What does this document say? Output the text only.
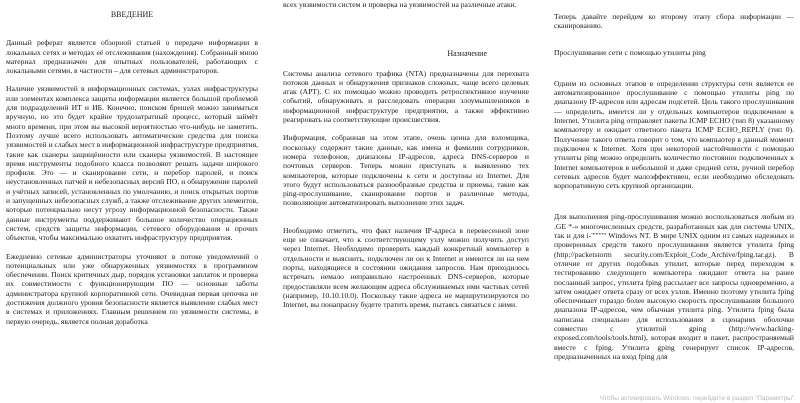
ВВЕДЕНИЕ

Данный реферат является обзорной статьей о передаче информации в локальных сетях и методах её отслеживания (нахождения). Собранный мною материал предназначен для опытных пользователей, работающих с локальными сетями, в частности – для сетевых администраторов.

Наличие уязвимостей в информационных системах, узлах инфраструктуры или элементах комплекса защиты информации является большой проблемой для подразделений ИТ и ИБ. Конечно, поиском брешей можно заниматься вручную, но это будет крайне трудозатратный процесс, который займёт много времени, при этом вы высокой вероятностью что-нибудь не заметить. Поэтому лучше всего использовать автоматические средства для поиска уязвимостей и слабых мест в информационной инфраструктуре предприятия, такие как сканеры защищённости или сканеры уязвимостей. В настоящее время инструменты подобного класса позволяют решать задачи широкого профиля. Это — и сканирование сети, и перебор паролей, и поиск неустановленных патчей и небезопасных версий ПО, и обнаружение паролей и учётных записей, установленных по умолчанию, и поиск открытых портов и запущенных небезопасных служб, а также отслеживание других элементов, которые потенциально несут угрозу информационной безопасности. Также данные инструменты поддерживают большое количество операционных систем, средств защиты информации, сетевого оборудования и прочих объектов, чтобы максимально охватить инфраструктуру предприятия.

Ежедневно сетевые администраторы уточняют в потоке уведомлений о потенциальных или уже обнаруженных уязвимостях в программном обеспечении. Поиск критичных дыр, порядок установки заплаток и проверка их совместимости с функционирующим ПО — основные заботы администратора крупной корпоративной сети. Очевидная первая цепочка не достижения должного уровня безопасности является выявление слабых мест в системах и приложениях. Главным решением по уязвимости системы, в первую очередь, является полная доработка

всех уязвимости систем и проверка на уязвимостей на различные атаки.

Назначение

Системы анализа сетевого трафика (NTA) предназначены для перехвата потоков данных и обнаружения признаков сложных, чаще всего целевых атак (APT). С их помощью можно проводить ретроспективное изучение событий, обнаруживать и расследовать операции злоумышленников в информационной инфраструктуре предприятия, а также эффективно реагировать на соответствующие происшествия.

Информация, собранная на этом этапе, очень ценна для взломщика, поскольку содержит такие данные, как имена и фамилии сотрудников, номера телефонов, диапазоны IP-адресов, адреса DNS-серверов и почтовых серверов. Теперь можно приступать к выявлению тех компьютеров, которые подключены к сети и доступны из Internet. Для этого будут использоваться разнообразные средства и приемы, такие как ping-прослушивание, сканирование портов и различные методы, позволяющие автоматизировать выполнение этих задач.

Необходимо отметить, что факт наличия IP-адреса в перевесенной зоне еще не означает, что к соответствующему узлу можно получить доступ через Internet. Необходимо проверить каждый конкретный компьютер в отдельности и выяснить, подключен ли он к Internet и имеются ли на нем порты, находящиеся в состоянии ожидания запросов. Нам приходилось встречать немало неправильно настроенных DNS-серверов, которые предоставляли всем желающим адреса обслуживаемых ими частных сетей (например, 10.10.10.0). Поскольку такие адреса не маршрутизируются по Internet, вы понапрасну будете тратить время, пытаясь связаться с ними.

Теперь давайте перейдем ко второму этапу сбора информации — сканированию.

Прослушивание сети с помощью утилиты ping

Одним из основных этапов в определении структуры сети является ее автоматизированное прослушивание с помощью утилиты ping по диапазону IP-адресов или адресам подсетей. Цель такого прослушивания — определить, имеется ли у отдельных компьютеров подключение к Internet. Утилита ping отправляет пакеты ICMP ECHO (тип 8) указанному компьютеру и ожидает ответного пакета ICMP ECHO_REPLY (тип 0). Получение такого ответа говорит о том, что компьютер в данный момент подключен к Internet. Хотя при некоторой настойчивости с помощью утилиты ping можно определить количество постоянно подключенных к Internet компьютеров в небольшой и даже средней сети, ручной перебор сетевых адресов будет малоэффективен, если необходимо обследовать корпоративную сеть крупной организации.

Для выполнения ping-прослушивания можно воспользоваться любым из .GЕ *-» многочисленных средств, разработанных как для системы UNIX, так и для i-"'"""' Windows NT. В мире UNIX одним из самых надежных и проверенных средств такого прослушивания является утилита fping (http://packetstorm security.com/Exploit_Code_Archive/fping.tar.gz). В отличие от других подобных утилит, которые перед переходом к тестированию следующего компьютера ожидают ответа на ранее посланный запрос, утилита fping рассылает все запросы одновременно, а затем ожидает ответа сразу от всех узлов. Именно поэтому утилита fping обеспечивает гораздо более высокую скорость прослушивания большого диапазона IP-адресов, чем обычная утилита ping. Утилита fping была написана специально для использования в сценариях оболочки совместно с утилитой gping (http://www.hacking-exposed.com/tools/tools.html), которая входит в пакет, распространяемый вместе с fping. Утилита gping генерирует список IP-адресов, предназначенных на вход fping для

Чтобы активировать Windows, перейдите в раздел "Параметры".
